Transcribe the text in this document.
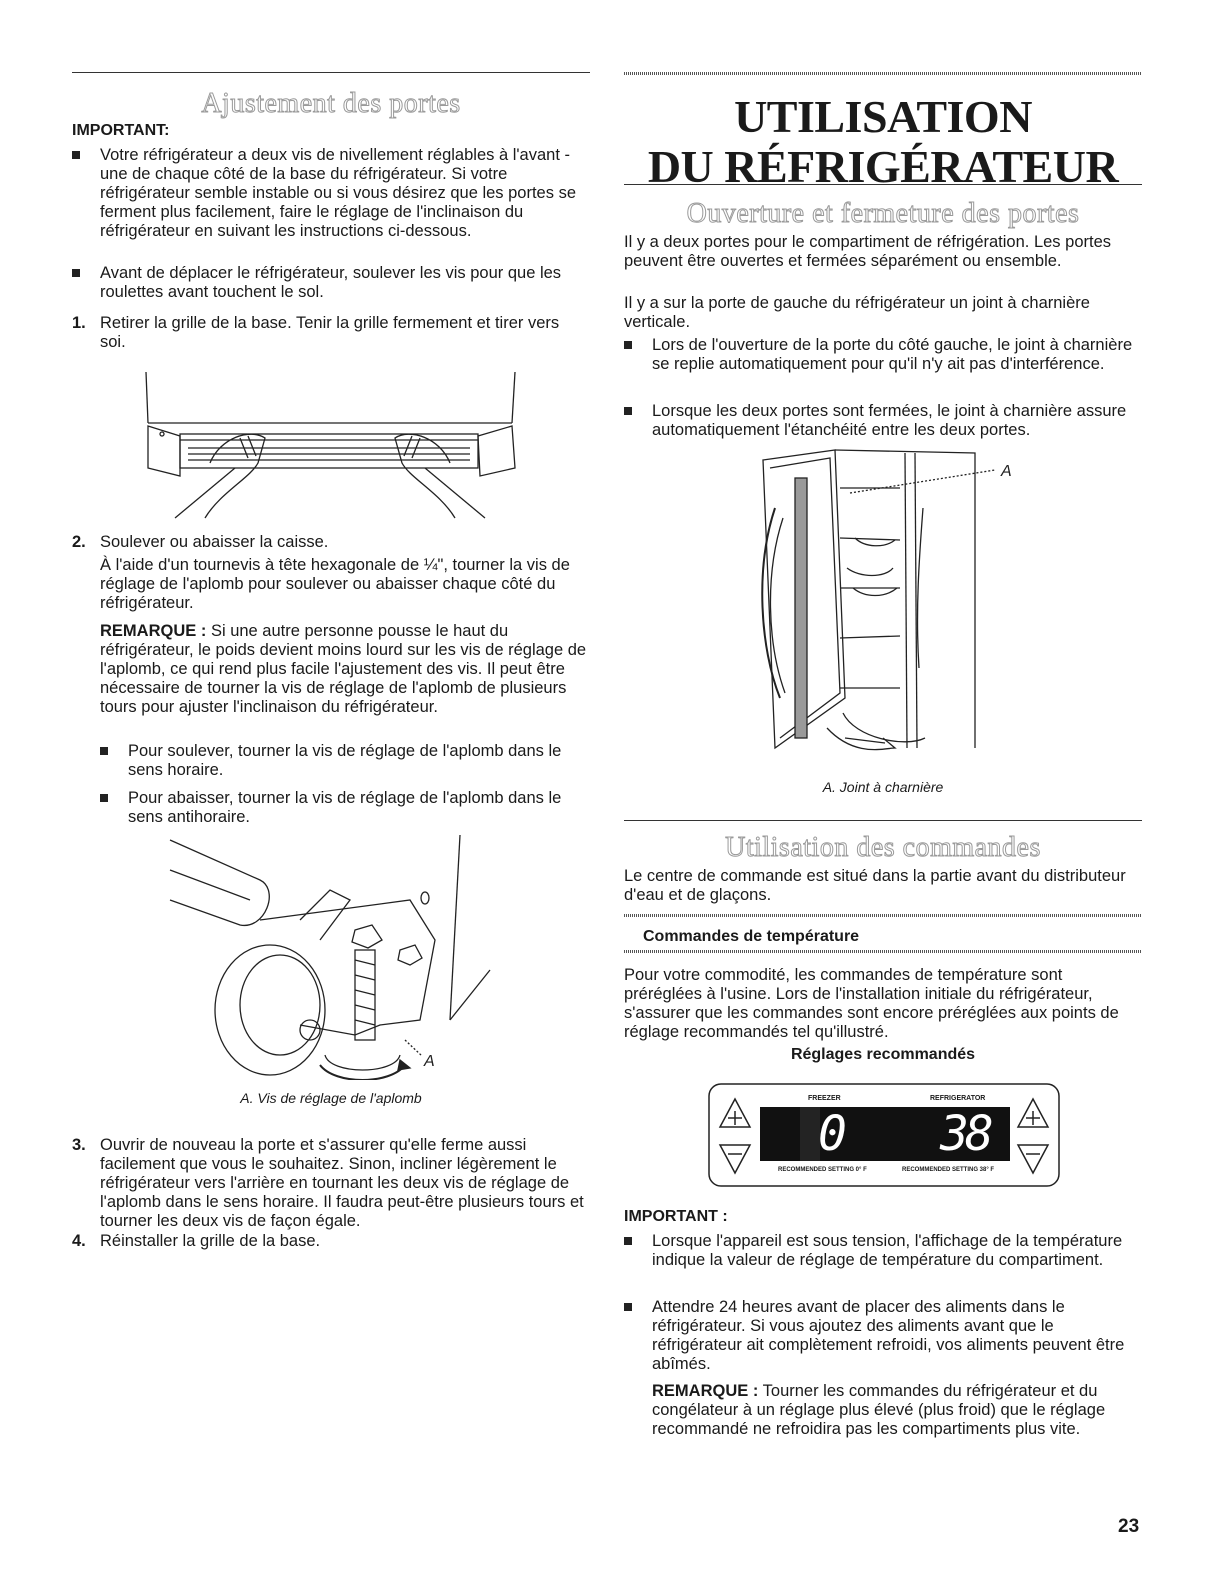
Ajustement des portes
IMPORTANT:
Votre réfrigérateur a deux vis de nivellement réglables à l'avant - une de chaque côté de la base du réfrigérateur. Si votre réfrigérateur semble instable ou si vous désirez que les portes se ferment plus facilement, faire le réglage de l'inclinaison du réfrigérateur en suivant les instructions ci-dessous.
Avant de déplacer le réfrigérateur, soulever les vis pour que les roulettes avant touchent le sol.
1. Retirer la grille de la base. Tenir la grille fermement et tirer vers soi.
2. Soulever ou abaisser la caisse.
À l'aide d'un tournevis à tête hexagonale de ¼", tourner la vis de réglage de l'aplomb pour soulever ou abaisser chaque côté du réfrigérateur.
REMARQUE : Si une autre personne pousse le haut du réfrigérateur, le poids devient moins lourd sur les vis de réglage de l'aplomb, ce qui rend plus facile l'ajustement des vis. Il peut être nécessaire de tourner la vis de réglage de l'aplomb de plusieurs tours pour ajuster l'inclinaison du réfrigérateur.
Pour soulever, tourner la vis de réglage de l'aplomb dans le sens horaire.
Pour abaisser, tourner la vis de réglage de l'aplomb dans le sens antihoraire.
A
A. Vis de réglage de l'aplomb
3. Ouvrir de nouveau la porte et s'assurer qu'elle ferme aussi facilement que vous le souhaitez. Sinon, incliner légèrement le réfrigérateur vers l'arrière en tournant les deux vis de réglage de l'aplomb dans le sens horaire. Il faudra peut-être plusieurs tours et tourner les deux vis de façon égale.
4. Réinstaller la grille de la base.
UTILISATION
DU RÉFRIGÉRATEUR
Ouverture et fermeture des portes
Il y a deux portes pour le compartiment de réfrigération. Les portes peuvent être ouvertes et fermées séparément ou ensemble.
Il y a sur la porte de gauche du réfrigérateur un joint à charnière verticale.
Lors de l'ouverture de la porte du côté gauche, le joint à charnière se replie automatiquement pour qu'il n'y ait pas d'interférence.
Lorsque les deux portes sont fermées, le joint à charnière assure automatiquement l'étanchéité entre les deux portes.
A
A. Joint à charnière
Utilisation des commandes
Le centre de commande est situé dans la partie avant du distributeur d'eau et de glaçons.
Commandes de température
Pour votre commodité, les commandes de température sont préréglées à l'usine. Lors de l'installation initiale du réfrigérateur, s'assurer que les commandes sont encore préréglées aux points de réglage recommandés tel qu'illustré.
Réglages recommandés
FREEZER	REFRIGERATOR
0 38
RECOMMENDED SETTING 0° F	RECOMMENDED SETTING 38° F
IMPORTANT :
Lorsque l'appareil est sous tension, l'affichage de la température indique la valeur de réglage de température du compartiment.
Attendre 24 heures avant de placer des aliments dans le réfrigérateur. Si vous ajoutez des aliments avant que le réfrigérateur ait complètement refroidi, vos aliments peuvent être abîmés.
REMARQUE : Tourner les commandes du réfrigérateur et du congélateur à un réglage plus élevé (plus froid) que le réglage recommandé ne refroidira pas les compartiments plus vite.
23
